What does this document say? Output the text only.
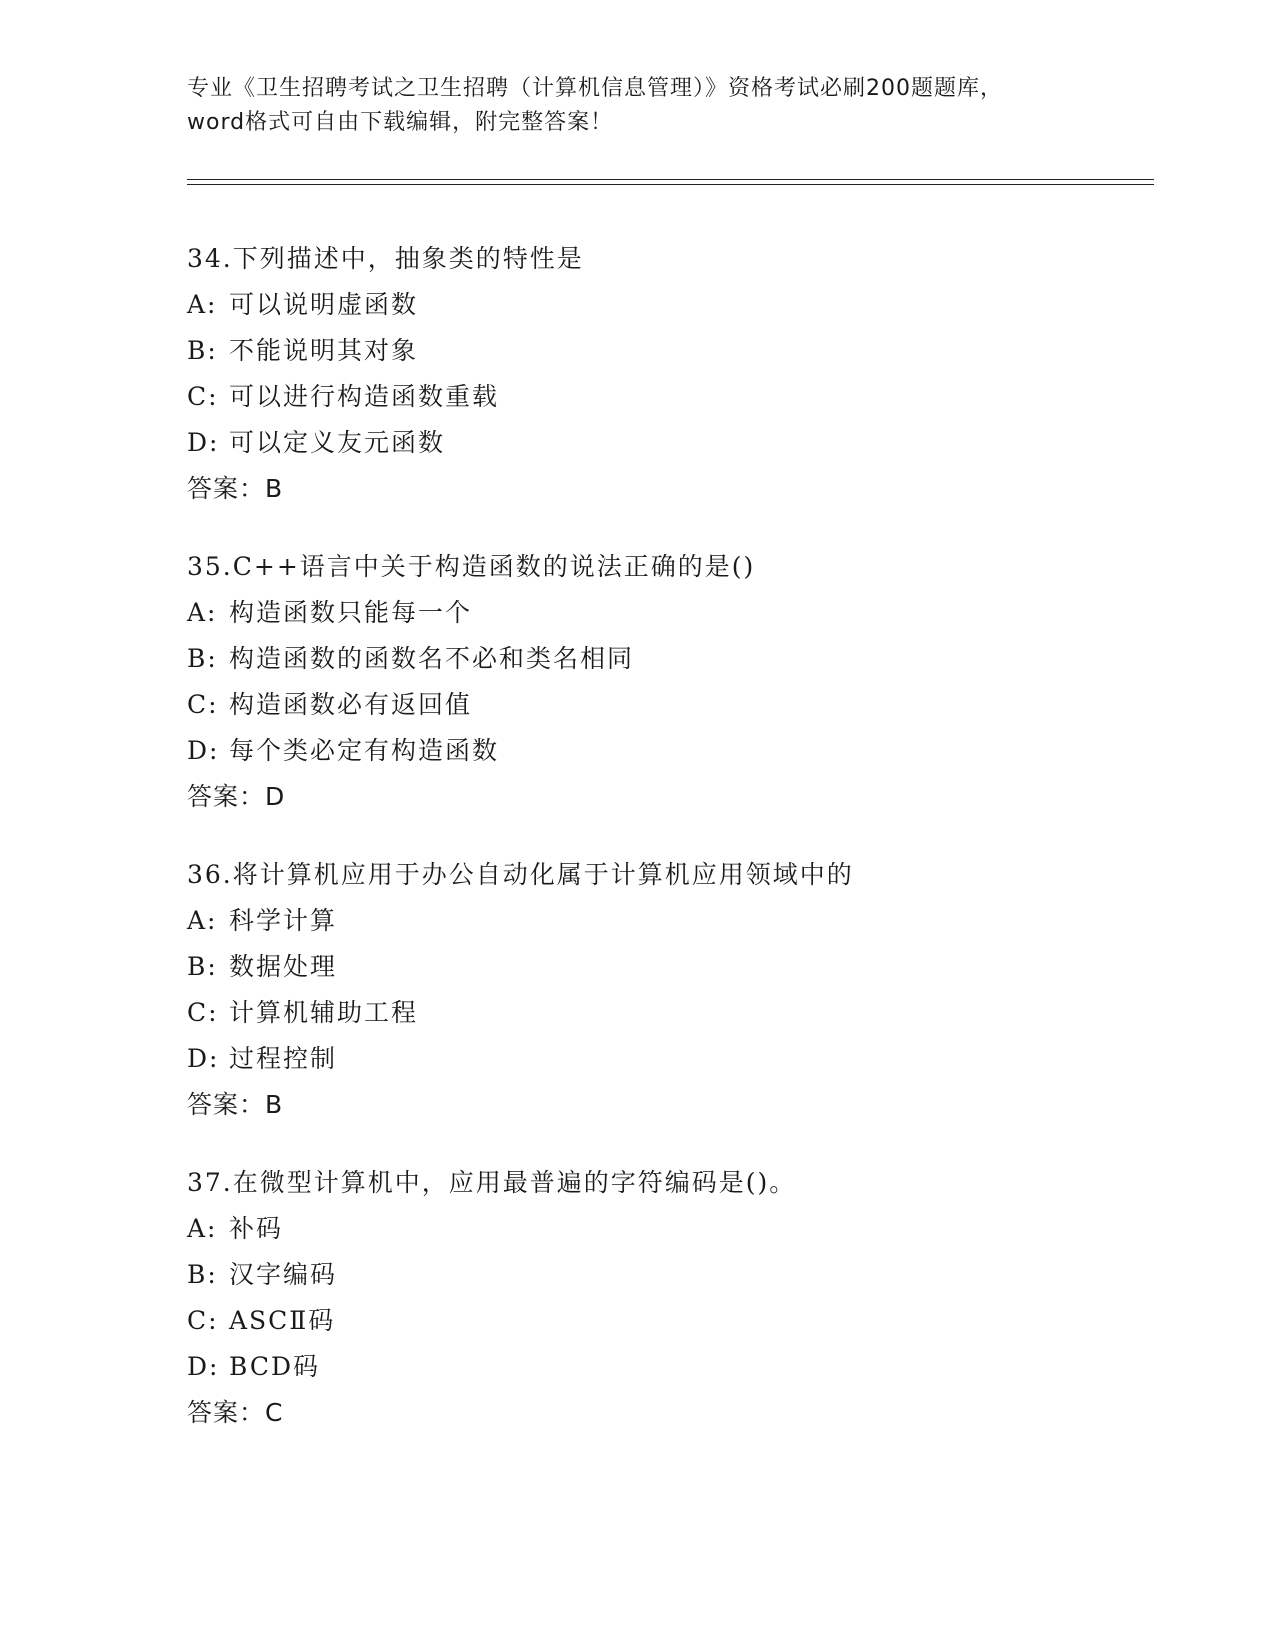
专业《卫生招聘考试之卫生招聘（计算机信息管理）》资格考试必刷200题题库，
word格式可自由下载编辑，附完整答案！
34.下列描述中，抽象类的特性是
A: 可以说明虚函数
B: 不能说明其对象
C: 可以进行构造函数重载
D: 可以定义友元函数
答案：B
35.C++语言中关于构造函数的说法正确的是()
A: 构造函数只能每一个
B: 构造函数的函数名不必和类名相同
C: 构造函数必有返回值
D: 每个类必定有构造函数
答案：D
36.将计算机应用于办公自动化属于计算机应用领域中的
A: 科学计算
B: 数据处理
C: 计算机辅助工程
D: 过程控制
答案：B
37.在微型计算机中，应用最普遍的字符编码是()。
A: 补码
B: 汉字编码
C: ASCⅡ码
D: BCD码
答案：C
